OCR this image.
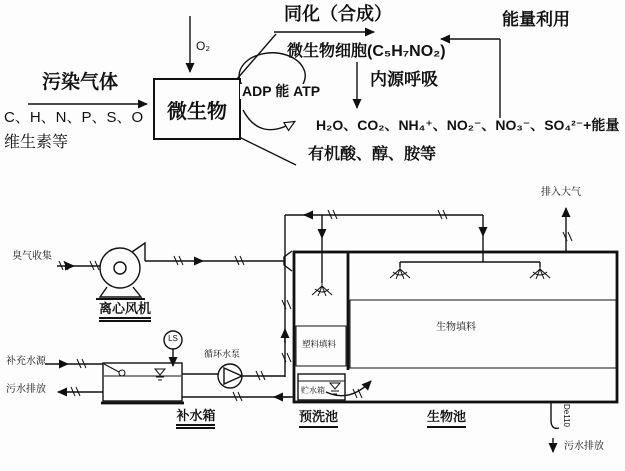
污染气体
C、H、N、P、S、O
维生素等
O₂
微生物
同化（合成）
微生物细胞(C₅H₇NO₂)
能量利用
ADP 能 ATP
内源呼吸
H₂O、CO₂、NH₄⁺、NO₂⁻、NO₃⁻、SO₄²⁻+能量
有机酸、醇、胺等
臭气收集
$_{离心风机}$
LS
循环水泵
补充水源
污水排放
$_{补水箱}$
塑料填料
贮水箱
生物填料
预洗池	生物池
排入大气
De110
污水排放
